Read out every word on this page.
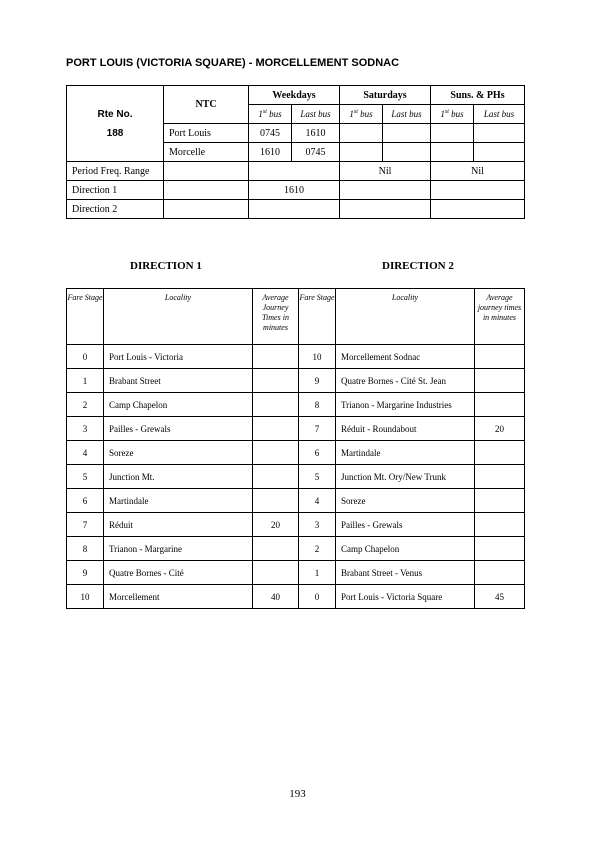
PORT LOUIS (VICTORIA SQUARE) - MORCELLEMENT SODNAC
Rte No.
188	NTC	Weekdays		Saturdays		Suns. & PHs	
		1st bus	Last bus	1st bus	Last bus	1st bus	Last bus
	Port Louis	0745	1610				
	Morcelle	1610	0745				
Period Freq. Range				Nil		Nil	
Direction 1		1610					
Direction 2							
DIRECTION 1	DIRECTION 2
Fare Stage	Locality	Average Journey Times in minutes	Fare Stage	Locality	Average journey times in minutes
0	Port Louis - Victoria		10	Morcellement Sodnac	
1	Brabant Street		9	Quatre Bornes - Cité St. Jean	
2	Camp Chapelon		8	Trianon - Margarine Industries	
3	Pailles - Grewals		7	Réduit - Roundabout	20
4	Soreze		6	Martindale	
5	Junction Mt.		5	Junction Mt. Ory/New Trunk	
6	Martindale		4	Soreze	
7	Réduit	20	3	Pailles - Grewals	
8	Trianon - Margarine		2	Camp Chapelon	
9	Quatre Bornes - Cité		1	Brabant Street - Venus	
10	Morcellement	40	0	Port Louis - Victoria Square	45
193
